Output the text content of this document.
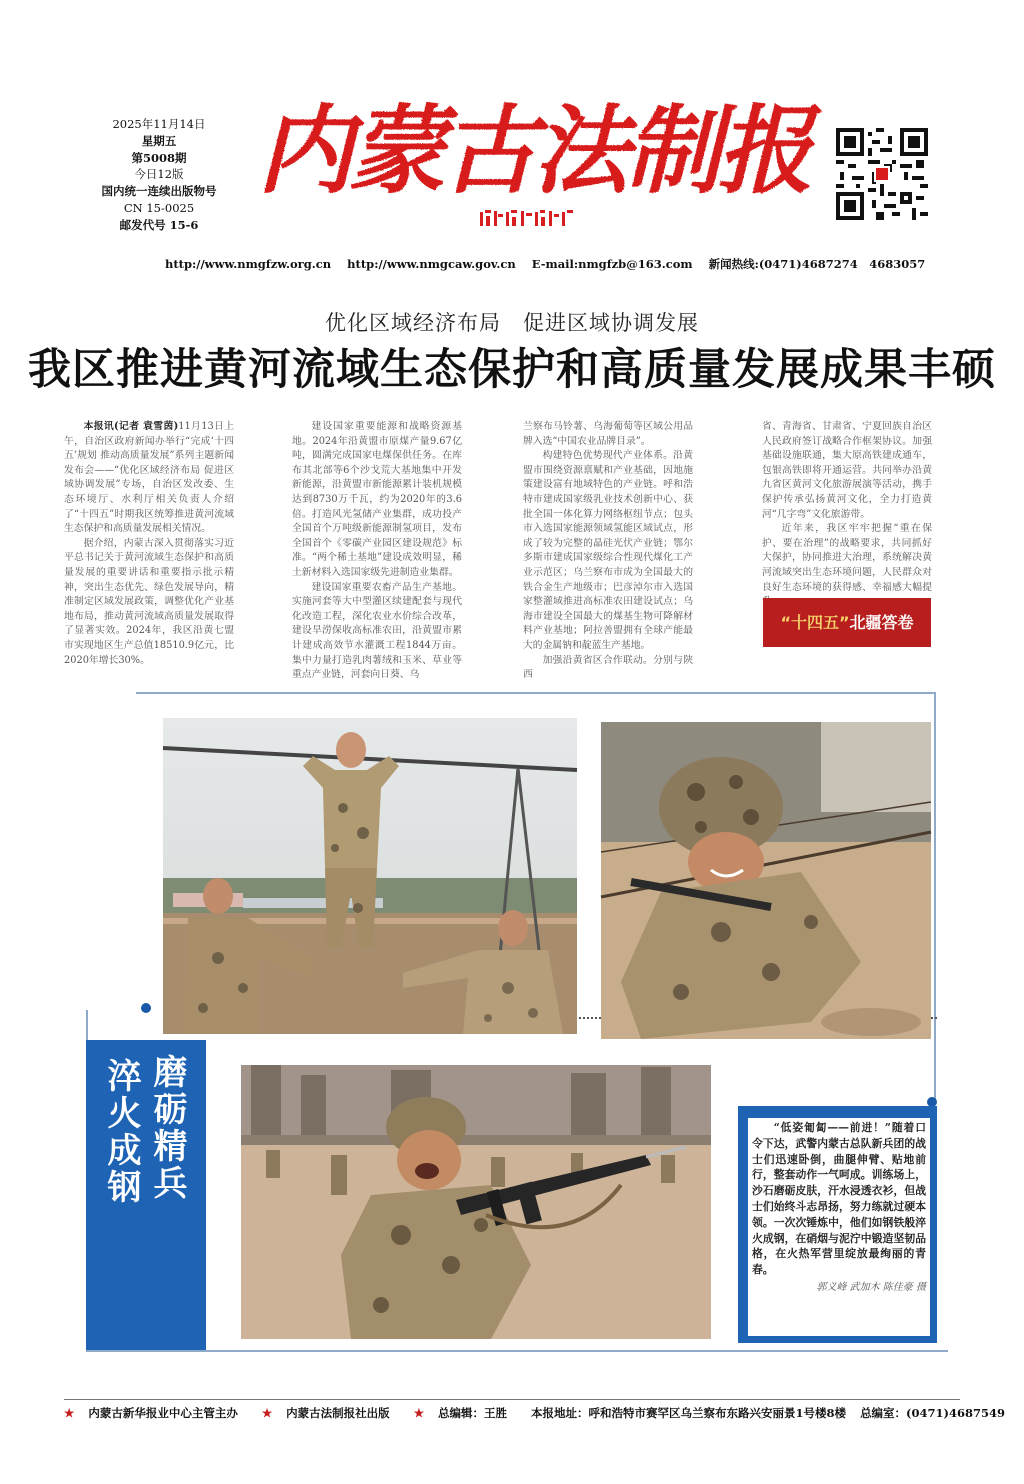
2025年11月14日
星期五
第5008期
今日12版
国内统一连续出版物号
CN 15-0025
邮发代号 15-6
内蒙古法制报
http://www.nmgfzw.org.cn http://www.nmgcaw.gov.cn E-mail:nmgfzb@163.com 新闻热线:(0471)4687274　4683057
优化区域经济布局　促进区域协调发展
我区推进黄河流域生态保护和高质量发展成果丰硕

本报讯(记者 袁雪茵)11月13日上午，自治区政府新闻办举行“完成‘十四五’规划 推动高质量发展”系列主题新闻发布会——“优化区域经济布局 促进区域协调发展”专场，自治区发改委、生态环境厅、水利厅相关负责人介绍了“十四五”时期我区统筹推进黄河流域生态保护和高质量发展相关情况。

据介绍，内蒙古深入贯彻落实习近平总书记关于黄河流域生态保护和高质量发展的重要讲话和重要指示批示精神，突出生态优先、绿色发展导向，精准制定区域发展政策，调整优化产业基地布局，推动黄河流域高质量发展取得了显著实效。2024年，我区沿黄七盟市实现地区生产总值18510.9亿元，比2020年增长30%。

建设国家重要能源和战略资源基地。2024年沿黄盟市原煤产量9.67亿吨，圆满完成国家电煤保供任务。在库布其北部等6个沙戈荒大基地集中开发新能源，沿黄盟市新能源累计装机规模达到8730万千瓦，约为2020年的3.6倍。打造风光氢储产业集群，成功投产全国首个万吨级新能源制氢项目，发布全国首个《零碳产业园区建设规范》标准。“两个稀土基地”建设成效明显，稀土新材料入选国家级先进制造业集群。

建设国家重要农畜产品生产基地。实施河套等大中型灌区续建配套与现代化改造工程，深化农业水价综合改革，建设旱涝保收高标准农田，沿黄盟市累计建成高效节水灌溉工程1844万亩。集中力量打造乳肉薯绒和玉米、草业等重点产业链，河套向日葵、乌

兰察布马铃薯、乌海葡萄等区域公用品牌入选“中国农业品牌目录”。

构建特色优势现代产业体系。沿黄盟市围绕资源禀赋和产业基础，因地施策建设富有地域特色的产业链。呼和浩特市建成国家级乳业技术创新中心、获批全国一体化算力网络枢纽节点；包头市入选国家能源领域氢能区域试点，形成了较为完整的晶硅光伏产业链；鄂尔多斯市建成国家级综合性现代煤化工产业示范区；乌兰察布市成为全国最大的铁合金生产地级市；巴彦淖尔市入选国家整灌域推进高标准农田建设试点；乌海市建设全国最大的煤基生物可降解材料产业基地；阿拉善盟拥有全球产能最大的金属钠和靛蓝生产基地。

加强沿黄省区合作联动。分别与陕西

省、青海省、甘肃省、宁夏回族自治区人民政府签订战略合作框架协议。加强基础设施联通，集大原高铁建成通车，包银高铁即将开通运营。共同举办沿黄九省区黄河文化旅游展演等活动，携手保护传承弘扬黄河文化，全力打造黄河“几字弯”文化旅游带。

近年来，我区牢牢把握“重在保护、要在治理”的战略要求，共同抓好大保护，协同推进大治理，系统解决黄河流域突出生态环境问题，人民群众对良好生态环境的获得感、幸福感大幅提

“十四五”北疆答卷
磨砺精兵
淬火成钢	“低姿匍匐——前进！”随着口令下达，武警内蒙古总队新兵团的战士们迅速卧倒，曲腿伸臂、贴地前行，整套动作一气呵成。训练场上，沙石磨砺皮肤，汗水浸透衣衫，但战士们始终斗志昂扬，努力练就过硬本领。一次次锤炼中，他们如钢铁般淬火成钢，在硝烟与泥泞中锻造坚韧品格，在火热军营里绽放最绚丽的青春。

郭义峰 武加木 陈佳豪 摄
★ 内蒙古新华报业中心主管主办 ★ 内蒙古法制报社出版 ★ 总编辑：王胜 本报地址：呼和浩特市赛罕区乌兰察布东路兴安丽景1号楼8楼 总编室：(0471)4687549
